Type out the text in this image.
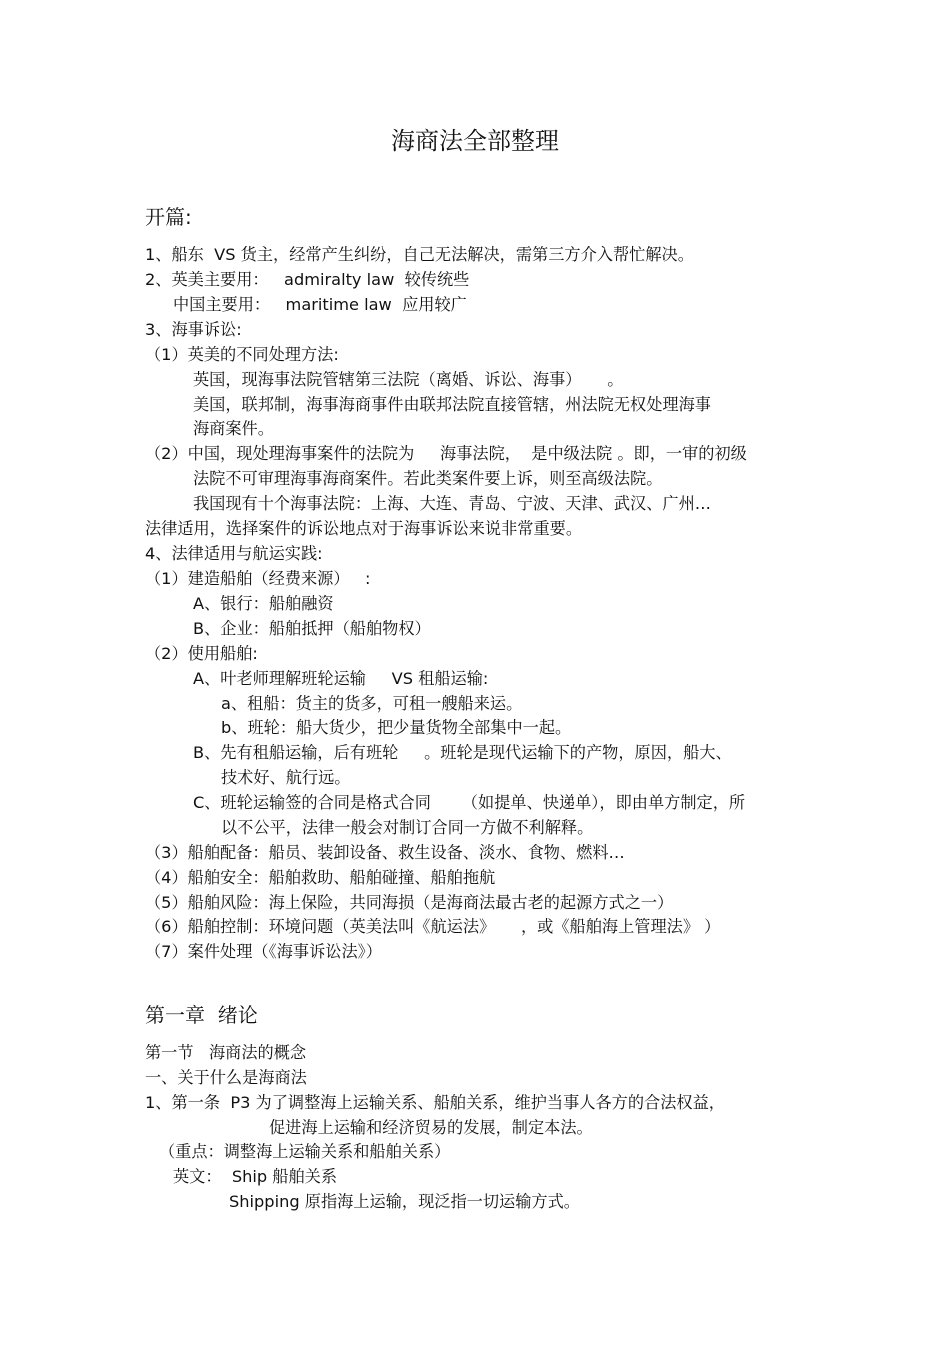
海商法全部整理
开篇:
1、船东  VS 货主，经常产生纠纷，自己无法解决，需第三方介入帮忙解决。
2、英美主要用：   admiralty law  较传统些
中国主要用：   maritime law  应用较广
3、海事诉讼:
（1）英美的不同处理方法:
英国，现海事法院管辖第三法院（离婚、诉讼、海事）     。
美国，联邦制，海事海商事件由联邦法院直接管辖，州法院无权处理海事
海商案件。
（2）中国，现处理海事案件的法院为     海事法院，  是中级法院 。即，一审的初级
法院不可审理海事海商案件。若此类案件要上诉，则至高级法院。
我国现有十个海事法院：上海、大连、青岛、宁波、天津、武汉、广州…
法律适用，选择案件的诉讼地点对于海事诉讼来说非常重要。
4、法律适用与航运实践:
（1）建造船舶（经费来源）   :
A、银行：船舶融资
B、企业：船舶抵押（船舶物权）
（2）使用船舶:
A、叶老师理解班轮运输     VS 租船运输:
a、租船：货主的货多，可租一艘船来运。
b、班轮：船大货少，把少量货物全部集中一起。
B、先有租船运输，后有班轮     。班轮是现代运输下的产物，原因，船大、
技术好、航行远。
C、班轮运输签的合同是格式合同      （如提单、快递单），即由单方制定，所
以不公平，法律一般会对制订合同一方做不利解释。
（3）船舶配备：船员、装卸设备、救生设备、淡水、食物、燃料…
（4）船舶安全：船舶救助、船舶碰撞、船舶拖航
（5）船舶风险：海上保险，共同海损（是海商法最古老的起源方式之一）
（6）船舶控制：环境问题（英美法叫《航运法》     ，或《船舶海上管理法》 ）
（7）案件处理（《海事诉讼法》）
第一章  绪论
第一节   海商法的概念
一、关于什么是海商法
1、第一条  P3 为了调整海上运输关系、船舶关系，维护当事人各方的合法权益，
促进海上运输和经济贸易的发展，制定本法。
（重点：调整海上运输关系和船舶关系）
英文：  Ship 船舶关系
Shipping 原指海上运输，现泛指一切运输方式。
